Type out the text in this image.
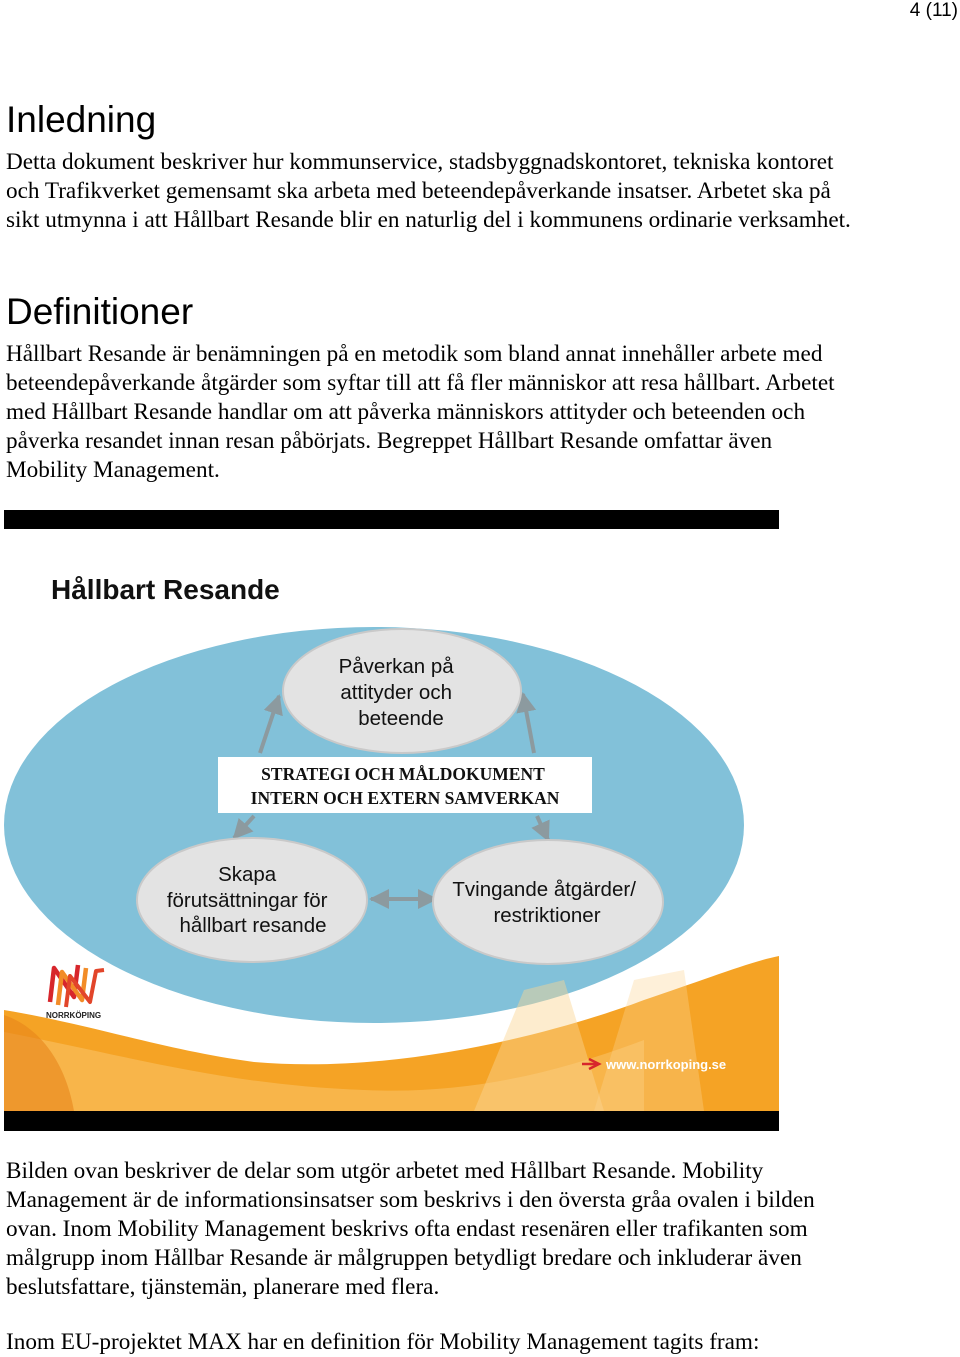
4 (11)
Inledning

Detta dokument beskriver hur kommunservice, stadsbyggnadskontoret, tekniska kontoret och Trafikverket gemensamt ska arbeta med beteendepåverkande insatser. Arbetet ska på sikt utmynna i att Hållbart Resande blir en naturlig del i kommunens ordinarie verksamhet.

Definitioner

Hållbart Resande är benämningen på en metodik som bland annat innehåller arbete med beteendepåverkande åtgärder som syftar till att få fler människor att resa hållbart. Arbetet med Hållbart Resande handlar om att påverka människors attityder och beteenden och påverka resandet innan resan påbörjats. Begreppet Hållbart Resande omfattar även Mobility Management.

Hållbart Resande
Påverkan på attityder och beteende
STRATEGI OCH MÅLDOKUMENT INTERN OCH EXTERN SAMVERKAN
Skapa förutsättningar för hållbart resande
Tvingande åtgärder/ restriktioner
NORRKÖPING
www.norrkoping.se

Bilden ovan beskriver de delar som utgör arbetet med Hållbart Resande. Mobility Management är de informationsinsatser som beskrivs i den översta gråa ovalen i bilden ovan. Inom Mobility Management beskrivs ofta endast resenären eller trafikanten som målgrupp inom Hållbar Resande är målgruppen betydligt bredare och inkluderar även beslutsfattare, tjänstemän, planerare med flera.

Inom EU-projektet MAX har en definition för Mobility Management tagits fram:
